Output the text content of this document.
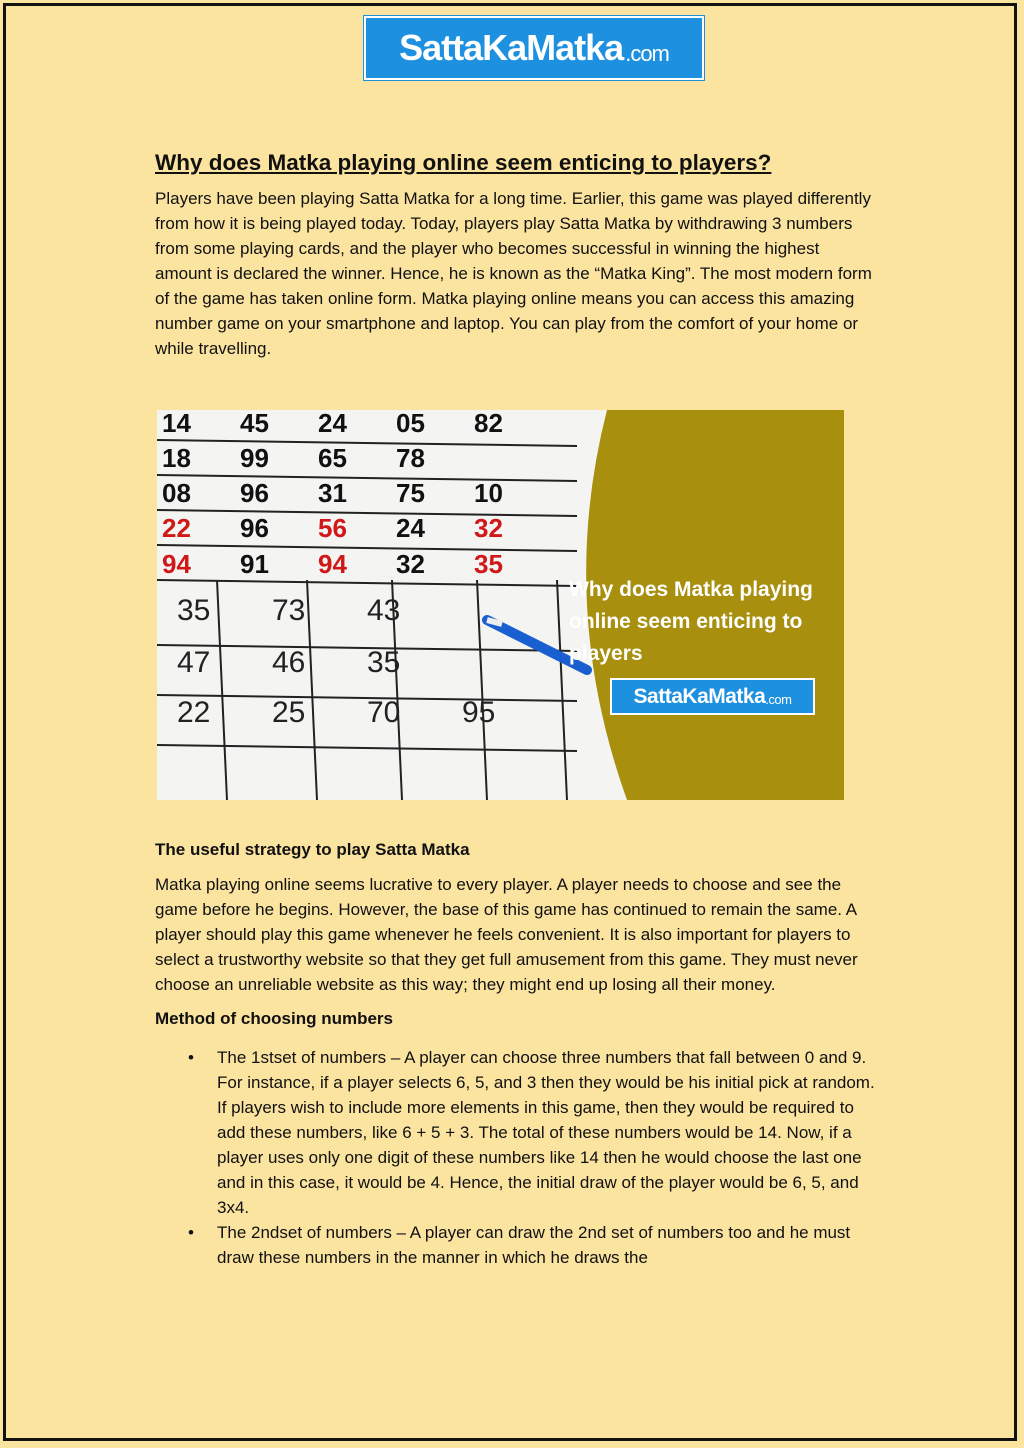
SattaKaMatka .com
Why does Matka playing online seem enticing to players?

Players have been playing Satta Matka for a long time. Earlier, this game was played differently from how it is being played today. Today, players play Satta Matka by withdrawing 3 numbers from some playing cards, and the player who becomes successful in winning the highest amount is declared the winner. Hence, he is known as the “Matka King”. The most modern form of the game has taken online form. Matka playing online means you can access this amazing number game on your smartphone and laptop. You can play from the comfort of your home or while travelling.

14 45 24 05 82
18 99 65 78
08 96 31 75 10
22 96 56 24 32
94 91 94 32 35
35 73 43
47 46 35
22 25 70 95
Why does Matka playing online seem enticing to players
SattaKaMatka .com
The useful strategy to play Satta Matka

Matka playing online seems lucrative to every player. A player needs to choose and see the game before he begins. However, the base of this game has continued to remain the same. A player should play this game whenever he feels convenient. It is also important for players to select a trustworthy website so that they get full amusement from this game. They must never choose an unreliable website as this way; they might end up losing all their money.

Method of choosing numbers
• The 1stset of numbers – A player can choose three numbers that fall between 0 and 9. For instance, if a player selects 6, 5, and 3 then they would be his initial pick at random. If players wish to include more elements in this game, then they would be required to add these numbers, like 6 + 5 + 3. The total of these numbers would be 14. Now, if a player uses only one digit of these numbers like 14 then he would choose the last one and in this case, it would be 4. Hence, the initial draw of the player would be 6, 5, and 3x4.
• The 2ndset of numbers – A player can draw the 2nd set of numbers too and he must draw these numbers in the manner in which he draws the
